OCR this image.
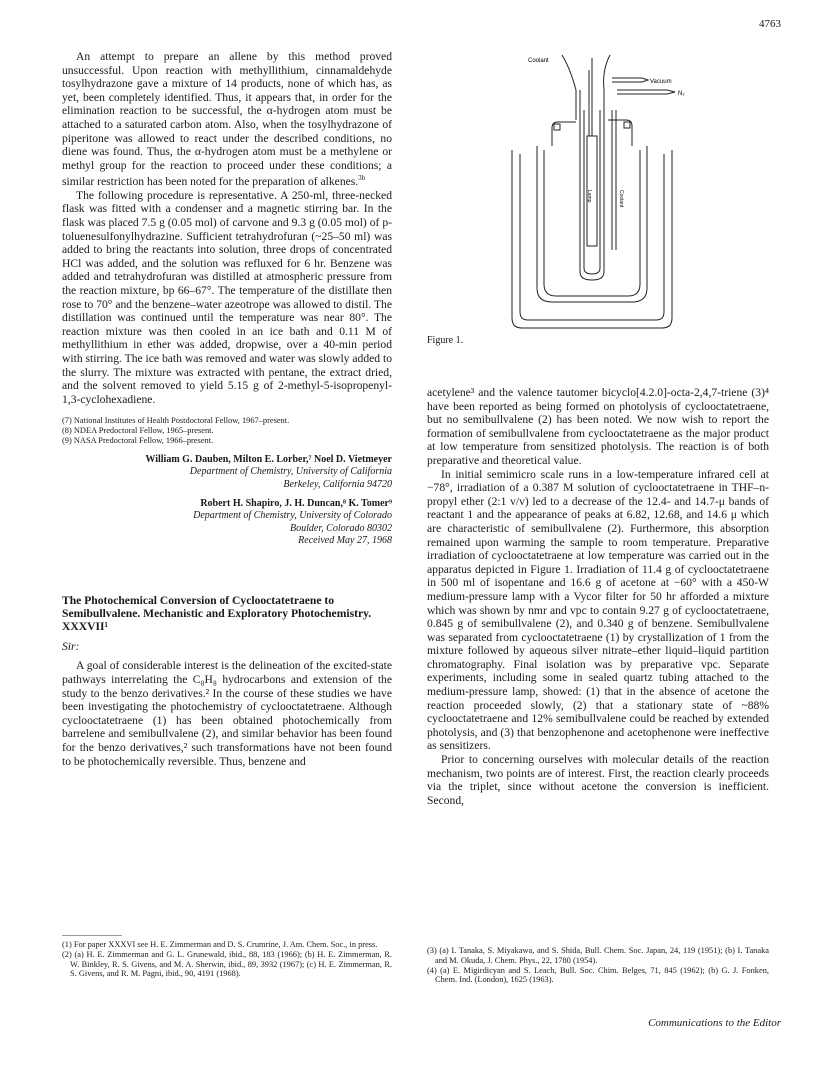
4763

An attempt to prepare an allene by this method proved unsuccessful. Upon reaction with methyllithium, cinnamaldehyde tosylhydrazone gave a mixture of 14 products, none of which has, as yet, been completely identified. Thus, it appears that, in order for the elimination reaction to be successful, the α-hydrogen atom must be attached to a saturated carbon atom. Also, when the tosylhydrazone of piperitone was allowed to react under the described conditions, no diene was found. Thus, the α-hydrogen atom must be a methylene or methyl group for the reaction to proceed under these conditions; a similar restriction has been noted for the preparation of alkenes.$^{3b}$

The following procedure is representative. A 250-ml, three-necked flask was fitted with a condenser and a magnetic stirring bar. In the flask was placed 7.5 g (0.05 mol) of carvone and 9.3 g (0.05 mol) of p-toluenesulfonylhydrazine. Sufficient tetrahydrofuran (~25–50 ml) was added to bring the reactants into solution, three drops of concentrated HCl was added, and the solution was refluxed for 6 hr. Benzene was added and tetrahydrofuran was distilled at atmospheric pressure from the reaction mixture, bp 66–67°. The temperature of the distillate then rose to 70° and the benzene–water azeotrope was allowed to distil. The distillation was continued until the temperature was near 80°. The reaction mixture was then cooled in an ice bath and 0.11 M of methyllithium in ether was added, dropwise, over a 40-min period with stirring. The ice bath was removed and water was slowly added to the slurry. The mixture was extracted with pentane, the extract dried, and the solvent removed to yield 5.15 g of 2-methyl-5-isopropenyl-1,3-cyclohexadiene.

(7) National Institutes of Health Postdoctoral Fellow, 1967–present.

(8) NDEA Predoctoral Fellow, 1965–present.

(9) NASA Predoctoral Fellow, 1966–present.

William G. Dauben, Milton E. Lorber,⁷ Noel D. Vietmeyer
Department of Chemistry, University of California
Berkeley, California 94720
Robert H. Shapiro, J. H. Duncan,⁸ K. Tomer⁹
Department of Chemistry, University of Colorado
Boulder, Colorado 80302
Received May 27, 1968
The Photochemical Conversion of Cyclooctatetraene to Semibullvalene. Mechanistic and Exploratory Photochemistry. XXXVII¹
Sir:

A goal of considerable interest is the delineation of the excited-state pathways interrelating the C₈H₈ hydrocarbons and extension of the study to the benzo derivatives.² In the course of these studies we have been investigating the photochemistry of cyclooctatetraene. Although cyclooctatetraene (1) has been obtained photochemically from barrelene and semibullvalene (2), and similar behavior has been found for the benzo derivatives,² such transformations have not been found to be photochemically reversible. Thus, benzene and

Coolant
Vacuum
N₂
Lamp	Coolant
Figure 1.

acetylene³ and the valence tautomer bicyclo[4.2.0]-octa-2,4,7-triene (3)⁴ have been reported as being formed on photolysis of cyclooctatetraene, but no semibullvalene (2) has been noted. We now wish to report the formation of semibullvalene from cyclooctatetraene as the major product at low temperature from sensitized photolysis. The reaction is of both preparative and theoretical value.

In initial semimicro scale runs in a low-temperature infrared cell at −78°, irradiation of a 0.387 M solution of cyclooctatetraene in THF–n-propyl ether (2:1 v/v) led to a decrease of the 12.4- and 14.7-μ bands of reactant 1 and the appearance of peaks at 6.82, 12.68, and 14.6 μ which are characteristic of semibullvalene (2). Furthermore, this absorption remained upon warming the sample to room temperature. Preparative irradiation of cyclooctatetraene at low temperature was carried out in the apparatus depicted in Figure 1. Irradiation of 11.4 g of cyclooctatetraene in 500 ml of isopentane and 16.6 g of acetone at −60° with a 450-W medium-pressure lamp with a Vycor filter for 50 hr afforded a mixture which was shown by nmr and vpc to contain 9.27 g of cyclooctatetraene, 0.845 g of semibullvalene (2), and 0.340 g of benzene. Semibullvalene was separated from cyclooctatetraene (1) by crystallization of 1 from the mixture followed by aqueous silver nitrate–ether liquid–liquid partition chromatography. Final isolation was by preparative vpc. Separate experiments, including some in sealed quartz tubing attached to the medium-pressure lamp, showed: (1) that in the absence of acetone the reaction proceeded slowly, (2) that a stationary state of ~88% cyclooctatetraene and 12% semibullvalene could be reached by extended photolysis, and (3) that benzophenone and acetophenone were ineffective as sensitizers.

Prior to concerning ourselves with molecular details of the reaction mechanism, two points are of interest. First, the reaction clearly proceeds via the triplet, since without acetone the conversion is inefficient. Second,

(1) For paper XXXVI see H. E. Zimmerman and D. S. Crumrine, J. Am. Chem. Soc., in press.

(2) (a) H. E. Zimmerman and G. L. Grunewald, ibid., 88, 183 (1966); (b) H. E. Zimmerman, R. W. Binkley, R. S. Givens, and M. A. Sherwin, ibid., 89, 3932 (1967); (c) H. E. Zimmerman, R. S. Givens, and R. M. Pagni, ibid., 90, 4191 (1968).

(3) (a) I. Tanaka, S. Miyakawa, and S. Shida, Bull. Chem. Soc. Japan, 24, 119 (1951); (b) I. Tanaka and M. Okuda, J. Chem. Phys., 22, 1780 (1954).

(4) (a) E. Migirdicyan and S. Leach, Bull. Soc. Chim. Belges, 71, 845 (1962); (b) G. J. Fonken, Chem. Ind. (London), 1625 (1963).

Communications to the Editor
